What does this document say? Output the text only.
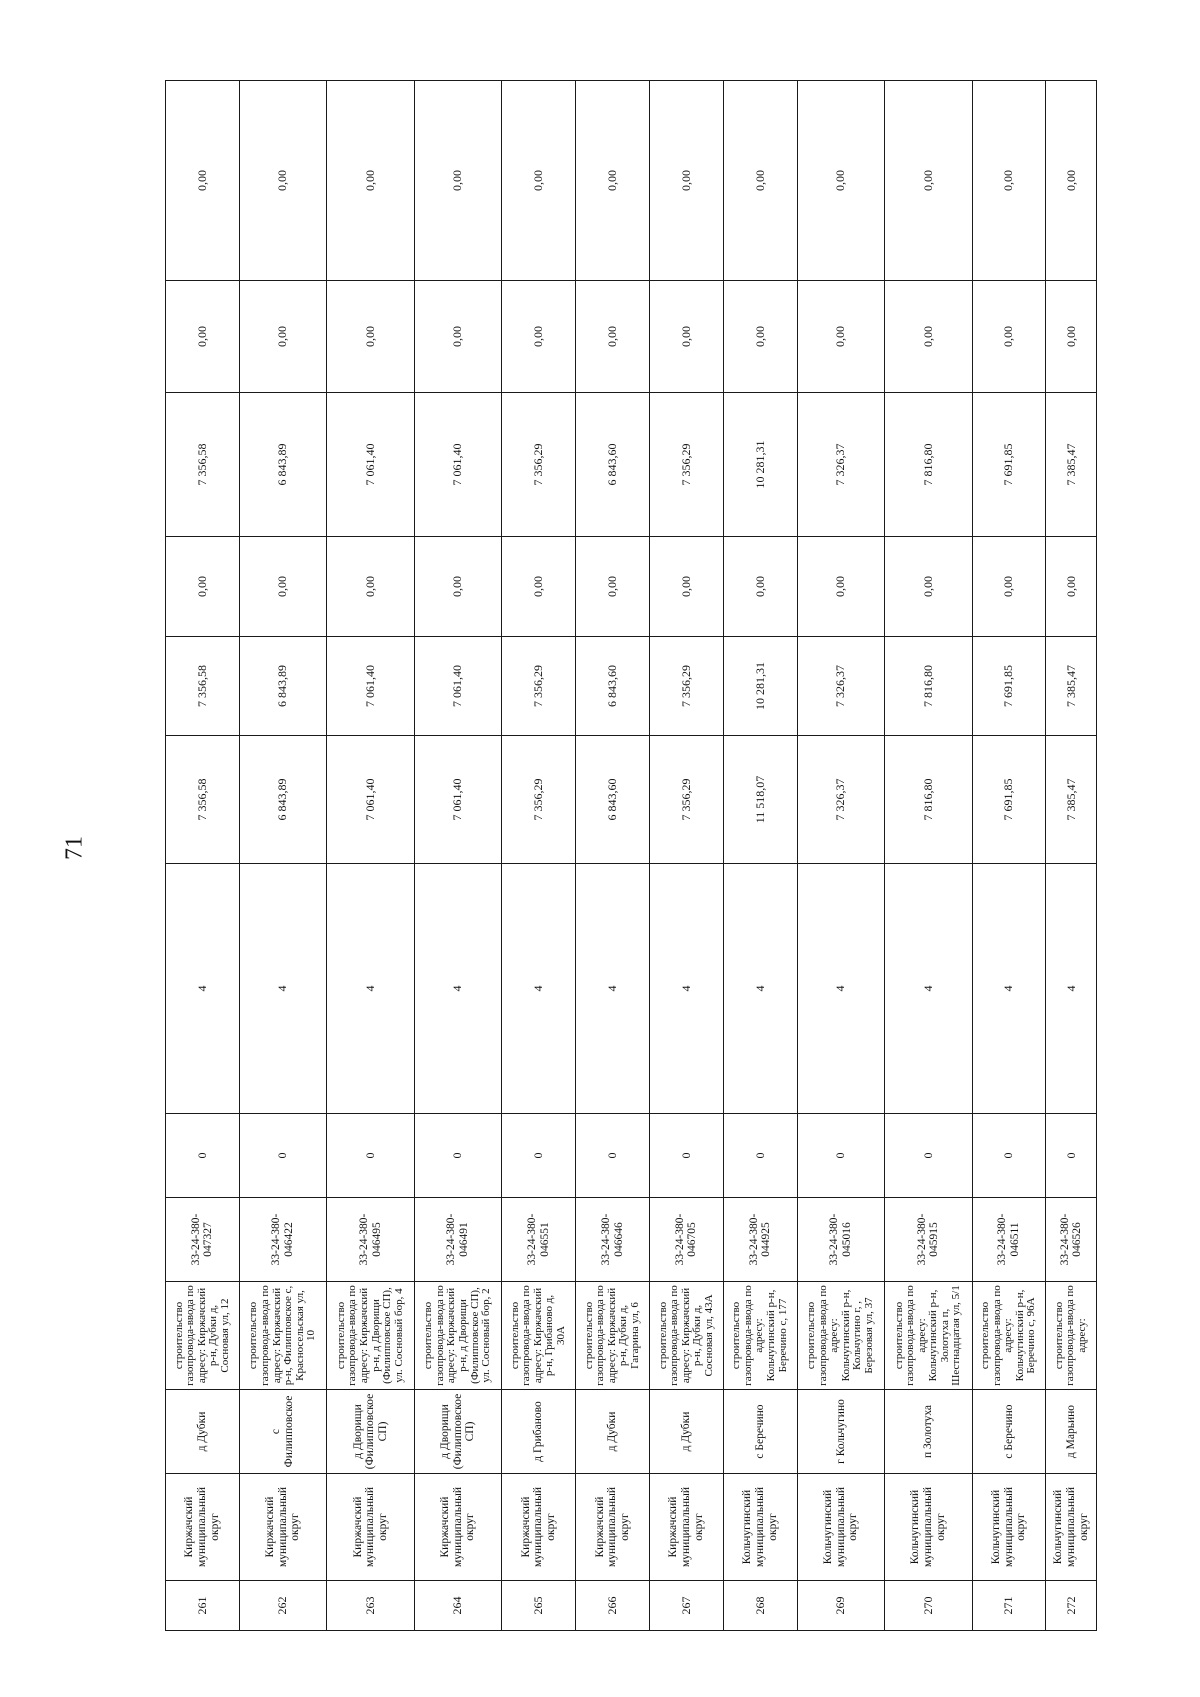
71
261	Киржачский муниципальный округ	д Дубки	строительство газопровода-ввода по адресу: Киржачский р-н, Дубки д, Сосновая ул, 12	33-24-380-047327	0	4	7 356,58	7 356,58	0,00	7 356,58	0,00	0,00
262	Киржачский муниципальный округ	с Филипповское	строительство газопровода-ввода по адресу: Киржачский р-н, Филипповское с, Красносельская ул, 10	33-24-380-046422	0	4	6 843,89	6 843,89	0,00	6 843,89	0,00	0,00
263	Киржачский муниципальный округ	д Дворищи (Филипповское СП)	строительство газопровода-ввода по адресу: Киржачский р-н, д Дворищи (Филипповское СП), ул. Сосновый бор, 4	33-24-380-046495	0	4	7 061,40	7 061,40	0,00	7 061,40	0,00	0,00
264	Киржачский муниципальный округ	д Дворищи (Филипповское СП)	строительство газопровода-ввода по адресу: Киржачский р-н, д Дворищи (Филипповское СП), ул. Сосновый бор, 2	33-24-380-046491	0	4	7 061,40	7 061,40	0,00	7 061,40	0,00	0,00
265	Киржачский муниципальный округ	д Грибаново	строительство газопровода-ввода по адресу: Киржачский р-н, Грибаново д, 30А	33-24-380-046551	0	4	7 356,29	7 356,29	0,00	7 356,29	0,00	0,00
266	Киржачский муниципальный округ	д Дубки	строительство газопровода-ввода по адресу: Киржачский р-н, Дубки д, Гагарина ул, 6	33-24-380-046646	0	4	6 843,60	6 843,60	0,00	6 843,60	0,00	0,00
267	Киржачский муниципальный округ	д Дубки	строительство газопровода-ввода по адресу: Киржачский р-н, Дубки д, Сосновая ул, 43А	33-24-380-046705	0	4	7 356,29	7 356,29	0,00	7 356,29	0,00	0,00
268	Кольчугинский муниципальный округ	с Беречино	строительство газопровода-ввода по адресу: Кольчугинский р-н, Беречино с, 177	33-24-380-044925	0	4	11 518,07	10 281,31	0,00	10 281,31	0,00	0,00
269	Кольчугинский муниципальный округ	г Кольчугино	строительство газопровода-ввода по адресу: Кольчугинский р-н, Кольчугино г, , Березовая ул, 37	33-24-380-045016	0	4	7 326,37	7 326,37	0,00	7 326,37	0,00	0,00
270	Кольчугинский муниципальный округ	п Золотуха	строительство газопровода-ввода по адресу: Кольчугинский р-н, Золотуха п, Шестнадцатая ул, 5/1	33-24-380-045915	0	4	7 816,80	7 816,80	0,00	7 816,80	0,00	0,00
271	Кольчугинский муниципальный округ	с Беречино	строительство газопровода-ввода по адресу: Кольчугинский р-н, Беречино с, 96А	33-24-380-046511	0	4	7 691,85	7 691,85	0,00	7 691,85	0,00	0,00
272	Кольчугинский муниципальный округ	д Марьино	строительство газопровода-ввода по адресу:	33-24-380-046526	0	4	7 385,47	7 385,47	0,00	7 385,47	0,00	0,00
